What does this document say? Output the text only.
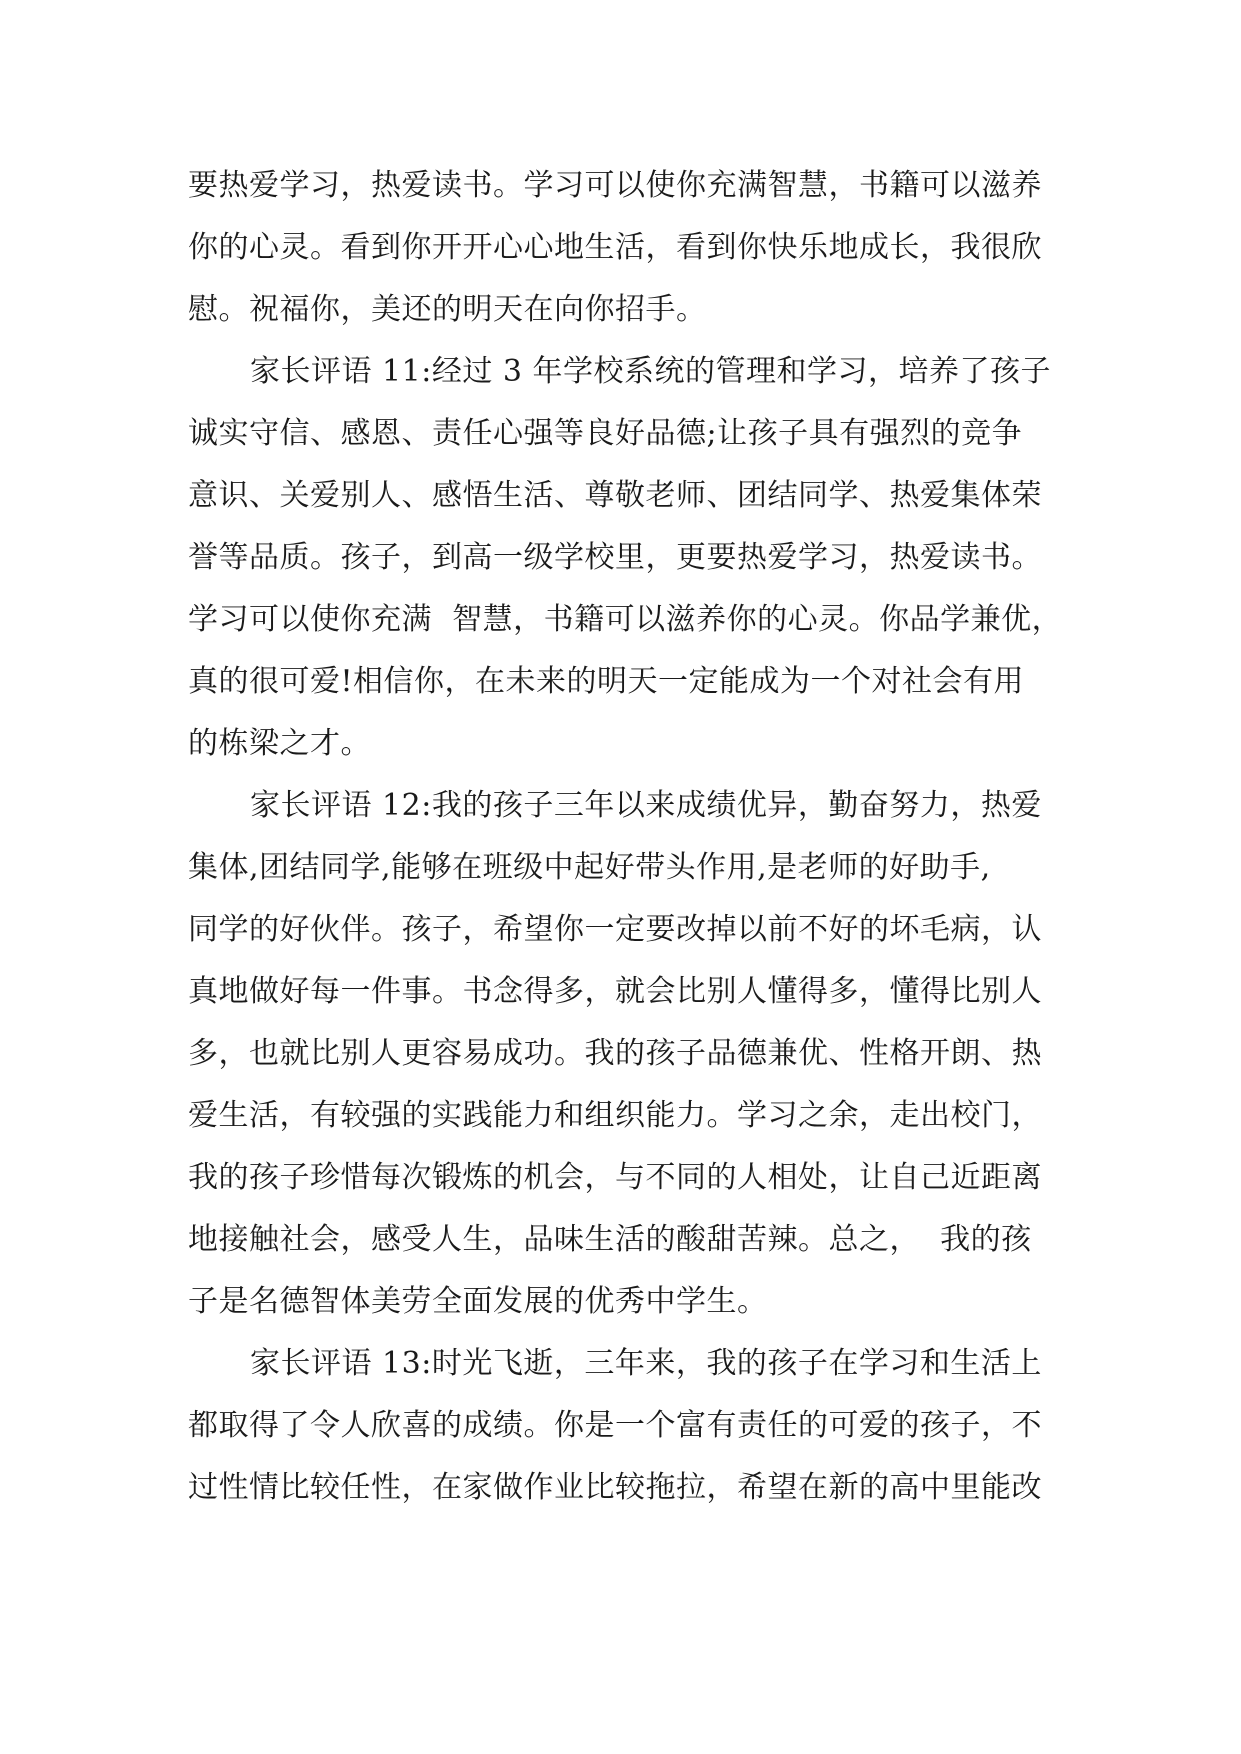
要热爱学习，热爱读书。学习可以使你充满智慧，书籍可以滋养
你的心灵。看到你开开心心地生活，看到你快乐地成长，我很欣
慰。祝福你，美还的明天在向你招手。
家长评语 11:经过 3 年学校系统的管理和学习，培养了孩子
诚实守信、感恩、责任心强等良好品德;让孩子具有强烈的竞争
意识、关爱别人、感悟生活、尊敬老师、团结同学、热爱集体荣
誉等品质。孩子，到高一级学校里，更要热爱学习，热爱读书。
学习可以使你充满  智慧，书籍可以滋养你的心灵。你品学兼优，
真的很可爱!相信你，在未来的明天一定能成为一个对社会有用
的栋梁之才。
家长评语 12:我的孩子三年以来成绩优异，勤奋努力，热爱
集体,团结同学,能够在班级中起好带头作用,是老师的好助手,
同学的好伙伴。孩子，希望你一定要改掉以前不好的坏毛病，认
真地做好每一件事。书念得多，就会比别人懂得多，懂得比别人
多，也就比别人更容易成功。我的孩子品德兼优、性格开朗、热
爱生活，有较强的实践能力和组织能力。学习之余，走出校门，
我的孩子珍惜每次锻炼的机会，与不同的人相处，让自己近距离
地接触社会，感受人生，品味生活的酸甜苦辣。总之，  我的孩
子是名德智体美劳全面发展的优秀中学生。
家长评语 13:时光飞逝，三年来，我的孩子在学习和生活上
都取得了令人欣喜的成绩。你是一个富有责任的可爱的孩子，不
过性情比较任性，在家做作业比较拖拉，希望在新的高中里能改
